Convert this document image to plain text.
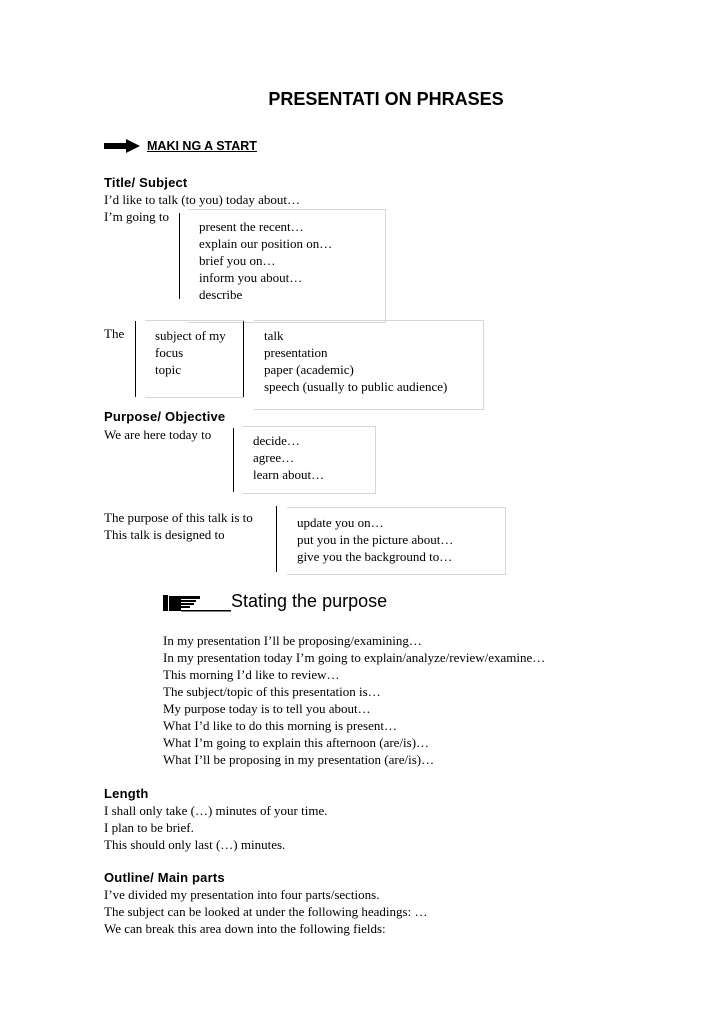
PRESENTATI ON PHRASES
MAKI NG A START
Title/ Subject
I’d like to talk (to you) today about…
I’m going to
present the recent…
explain our position on…
brief you on…
inform you about…
describe
The subject of my
focus
topic
talk
presentation
paper (academic)
speech (usually to public audience)
Purpose/ Objective
We are here today to	decide…
agree…
learn about…
The purpose of this talk is to
This talk is designed to
update you on…
put you in the picture about…
give you the background to…
Stating the purpose
In my presentation I’ll be proposing/examining…
In my presentation today I’m going to explain/analyze/review/examine…
This morning I’d like to review…
The subject/topic of this presentation is…
My purpose today is to tell you about…
What I’d like to do this morning is present…
What I’m going to explain this afternoon (are/is)…
What I’ll be proposing in my presentation (are/is)…
Length
I shall only take (…) minutes of your time.
I plan to be brief.
This should only last (…) minutes.
Outline/ Main parts
I’ve divided my presentation into four parts/sections.
The subject can be looked at under the following headings: …
We can break this area down into the following fields:
